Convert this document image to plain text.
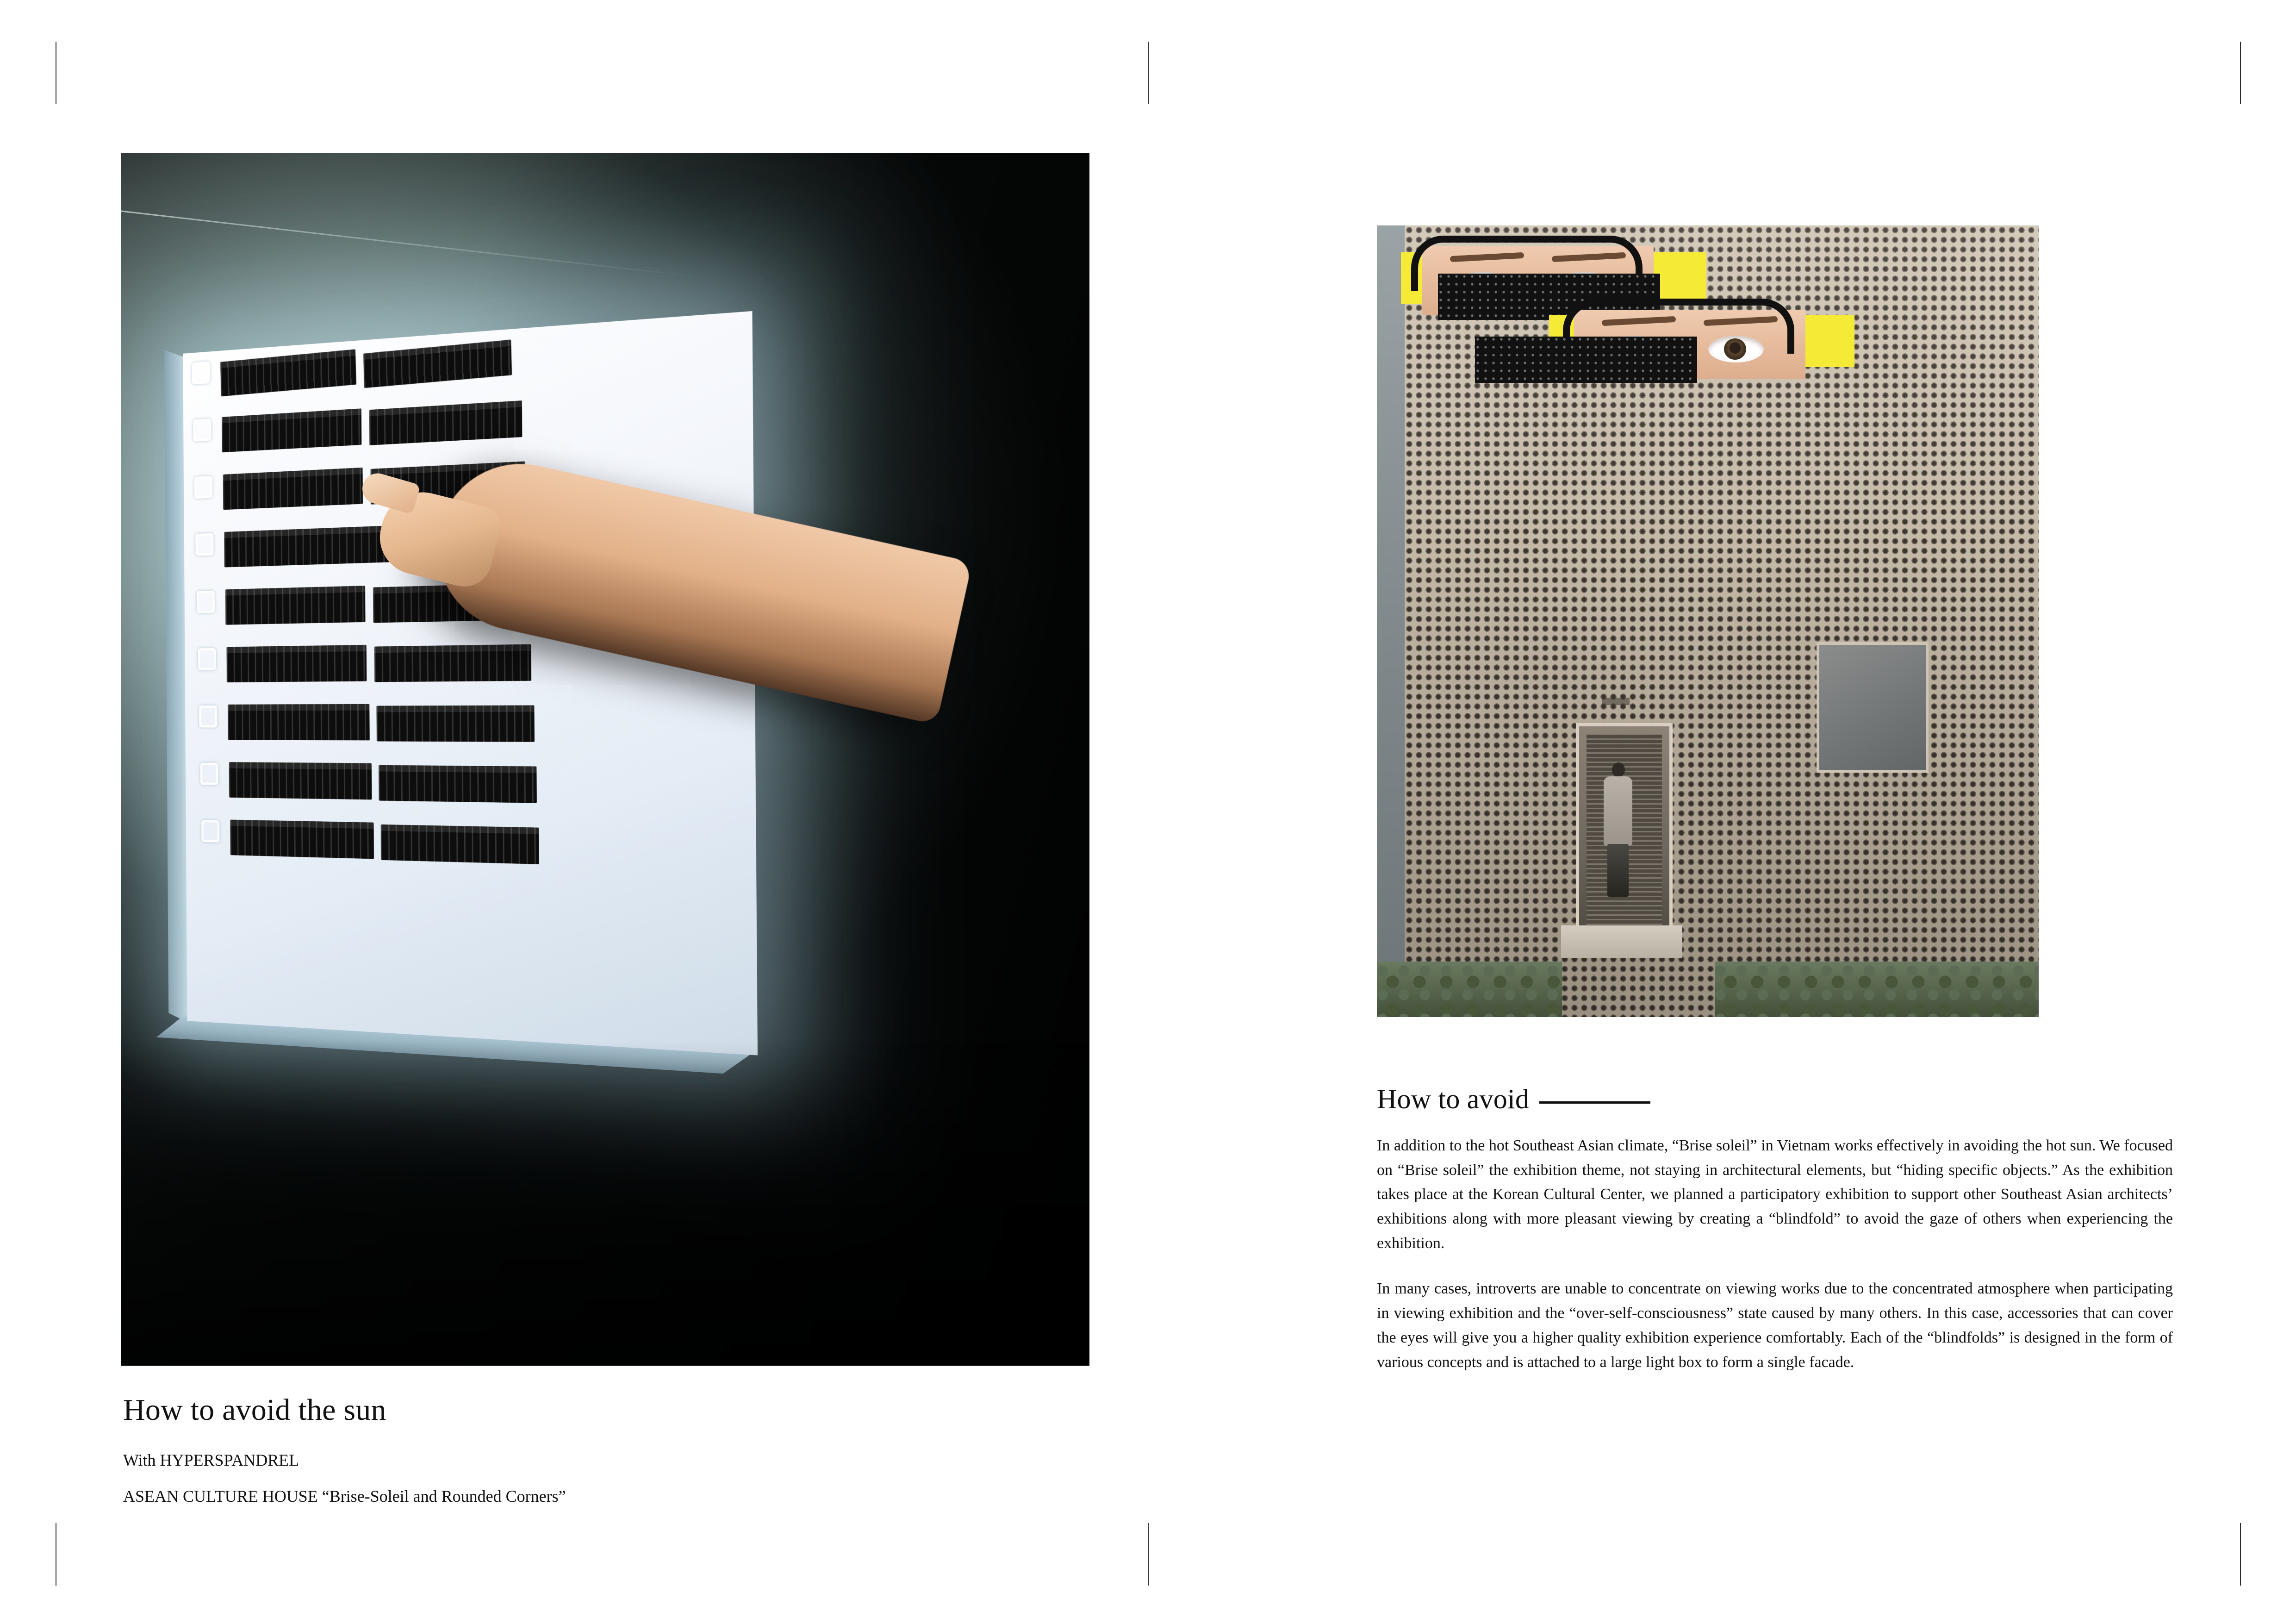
How to avoid the sun

With HYPERSPANDREL

ASEAN CULTURE HOUSE “Brise-Soleil and Rounded Corners”

How to avoid

In addition to the hot Southeast Asian climate, “Brise soleil” in Vietnam works effectively in avoiding the hot sun. We focused on “Brise soleil” the exhibition theme, not staying in architectural elements, but “hiding specific objects.” As the exhibition takes place at the Korean Cultural Center, we planned a participatory exhibition to support other Southeast Asian architects’ exhibitions along with more pleasant viewing by creating a “blindfold” to avoid the gaze of others when experiencing the exhibition.

In many cases, introverts are unable to concentrate on viewing works due to the concentrated atmosphere when participating in viewing exhibition and the “over-self-consciousness” state caused by many others. In this case, accessories that can cover the eyes will give you a higher quality exhibition experience comfortably. Each of the “blindfolds” is designed in the form of various concepts and is attached to a large light box to form a single facade.
